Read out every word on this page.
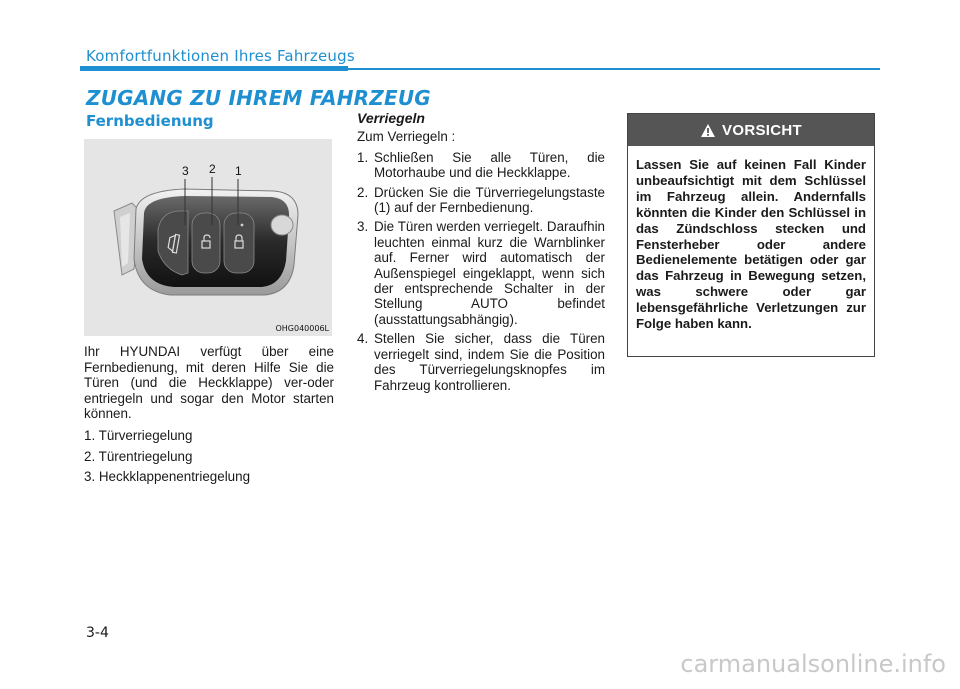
Komfortfunktionen Ihres Fahrzeugs
ZUGANG ZU IHREM FAHRZEUG
Fernbedienung
3 2 1
OHG040006L

Ihr HYUNDAI verfügt über eine Fernbedienung, mit deren Hilfe Sie die Türen (und die Heckklappe) ver-oder entriegeln und sogar den Motor starten können.

1. Türverriegelung
2. Türentriegelung
3. Heckklappenentriegelung
Verriegeln

Zum Verriegeln :

1. Schließen Sie alle Türen, die Motorhaube und die Heckklappe.
2. Drücken Sie die Türverriegelungstaste (1) auf der Fernbedienung.
3. Die Türen werden verriegelt. Daraufhin leuchten einmal kurz die Warnblinker auf. Ferner wird automatisch der Außenspiegel eingeklappt, wenn sich der entsprechende Schalter in der Stellung AUTO befindet (ausstattungsabhängig).
4. Stellen Sie sicher, dass die Türen verriegelt sind, indem Sie die Position des Türverriegelungsknopfes im Fahrzeug kontrollieren.
VORSICHT
Lassen Sie auf keinen Fall Kinder unbeaufsichtigt mit dem Schlüssel im Fahrzeug allein. Andernfalls könnten die Kinder den Schlüssel in das Zündschloss stecken und Fensterheber oder andere Bedienelemente betätigen oder gar das Fahrzeug in Bewegung setzen, was schwere oder gar lebensgefährliche Verletzungen zur Folge haben kann.
3-4
carmanualsonline.info
